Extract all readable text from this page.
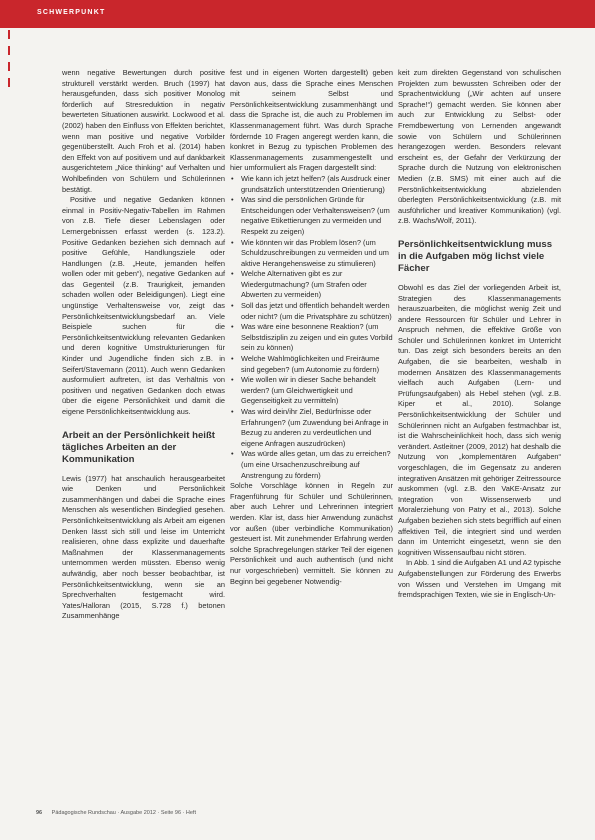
SCHWERPUNKT

wenn negative Bewertungen durch positive strukturell verstärkt werden. Bruch (1997) hat herausgefunden, dass sich positiver Monolog förderlich auf Stresreduktion in negativ bewerteten Situationen auswirkt. Lockwood et al. (2002) haben den Einfluss von Effekten berichtet, wenn man positive und negative Vorbilder gegenüberstellt. Auch Froh et al. (2014) haben den Effekt von auf positivem und auf dankbarkeit ausgerichtetem „Nice thinking“ auf Verhalten und Wohlbefinden von Schülern und Schülerinnen bestätigt.

Positive und negative Gedanken können einmal in Positiv-Negativ-Tabellen im Rahmen von z.B. Tiefe dieser Lebenslagen oder Lernergebnissen erfasst werden (s. 123.2). Positive Gedanken beziehen sich demnach auf positive Gefühle, Handlungsziele oder Handlungen (z.B. „Heute, jemanden helfen wollen oder mit geben“), negative Gedanken auf das Gegenteil (z.B. Traurigkeit, jemanden schaden wollen oder Beleidigungen). Liegt eine ungünstige Verhaltensweise vor, zeigt das Persönlichkeitsentwicklungsbedarf an. Viele Beispiele suchen für die Persönlichkeitsentwicklung relevanten Gedanken und deren kognitive Umstrukturierungen für Kinder und Jugendliche finden sich z.B. in Seifert/Stavemann (2011). Auch wenn Gedanken ausformuliert auftreten, ist das Verhältnis von positiven und negativen Gedanken doch etwas über die eigene Persönlichkeit und damit die eigene Persönlichkeitsentwicklung aus.

Arbeit an der Persönlichkeit heißt tägliches Arbeiten an der Kommunikation

Lewis (1977) hat anschaulich herausgearbeitet wie Denken und Persönlichkeit zusammenhängen und dabei die Sprache eines Menschen als wesentlichen Bindeglied gesehen. Persönlichkeitsentwicklung als Arbeit am eigenen Denken lässt sich still und leise im Unterricht realisieren, ohne dass explizite und dauerhafte Maßnahmen der Klassenmanagements unternommen werden müssten. Ebenso wenig aufwändig, aber noch besser beobachtbar, ist Persönlichkeitsentwicklung, wenn sie an Sprechverhalten festgemacht wird. Yates/Halloran (2015, S.728 f.) betonen Zusammenhänge

fest und in eigenen Worten dargestellt) geben davon aus, dass die Sprache eines Menschen mit seinem Selbst und Persönlichkeitsentwicklung zusammenhängt und dass die Sprache ist, die auch zu Problemen im Klassenmanagement führt. Was durch Sprache fördernde 10 Fragen angeregt werden kann, die konkret in Bezug zu typischen Problemen des Klassenmanagements zusammengestellt und hier umformuliert als Fragen dargestellt sind:

• Wie kann ich jetzt helfen? (als Ausdruck einer grundsätzlich unterstützenden Orientierung)
• Was sind die persönlichen Gründe für Entscheidungen oder Verhaltensweisen? (um negative Etikettierungen zu vermeiden und Respekt zu zeigen)
• Wie könnten wir das Problem lösen? (um Schuldzuschreibungen zu vermeiden und um aktive Herangehensweise zu stimulieren)
• Welche Alternativen gibt es zur Wiedergutmachung? (um Strafen oder Abwerten zu vermeiden)
• Soll das jetzt und öffentlich behandelt werden oder nicht? (um die Privatsphäre zu schützen)
• Was wäre eine besonnene Reaktion? (um Selbstdisziplin zu zeigen und ein gutes Vorbild sein zu können)
• Welche Wahlmöglichkeiten und Freiräume sind gegeben? (um Autonomie zu fördern)
• Wie wollen wir in dieser Sache behandelt werden? (um Gleichwertigkeit und Gegenseitigkeit zu vermitteln)
• Was wird dein/ihr Ziel, Bedürfnisse oder Erfahrungen? (um Zuwendung bei Anfrage in Bezug zu anderen zu verdeutlichen und eigene Anfragen auszudrücken)
• Was würde alles getan, um das zu erreichen? (um eine Ursachenzuschreibung auf Anstrengung zu fördern)

Solche Vorschläge können in Regeln zur Fragenführung für Schüler und Schülerinnen, aber auch Lehrer und Lehrerinnen integriert werden. Klar ist, dass hier Anwendung zunächst vor außen (über verbindliche Kommunikation) gesteuert ist. Mit zunehmender Erfahrung werden solche Sprachregelungen stärker Teil der eigenen Persönlichkeit und auch authentisch (und nicht nur vorgeschrieben) vermittelt. Sie können zu Beginn bei gegebener Notwendig-

keit zum direkten Gegenstand von schulischen Projekten zum bewussten Schreiben oder der Sprachentwicklung („Wir achten auf unsere Sprache!“) gemacht werden. Sie können aber auch zur Entwicklung zu Selbst- oder Fremdbewertung von Lernenden angewandt sowie von Schülern und Schülerinnen herangezogen werden. Besonders relevant erscheint es, der Gefahr der Verkürzung der Sprache durch die Nutzung von elektronischen Medien (z.B. SMS) mit einer auch auf die Persönlichkeitsentwicklung abzielenden überlegten Persönlichkeitsentwicklung (z.B. mit ausführlicher und kreativer Kommunikation) (vgl. z.B. Wachs/Wolf, 2011).

Persönlichkeitsentwicklung muss in die Aufgaben mög lichst viele Fächer

Obwohl es das Ziel der vorliegenden Arbeit ist, Strategien des Klassenmanagements herauszuarbeiten, die möglichst wenig Zeit und andere Ressourcen für Schüler und Lehrer in Anspruch nehmen, die effektive Größe von Schüler und Schülerinnen konkret im Unterricht tun. Das zeigt sich besonders bereits an den Aufgaben, die sie bearbeiten, weshalb in modernen Ansätzen des Klassenmanagements vielfach auch Aufgaben (Lern- und Prüfungsaufgaben) als Hebel stehen (vgl. z.B. Kiper et al., 2010). Solange Persönlichkeitsentwicklung der Schüler und Schülerinnen nicht an Aufgaben festmachbar ist, ist die Wahrscheinlichkeit hoch, dass sich wenig verändert. Astleitner (2009, 2012) hat deshalb die Nutzung von „komplementären Aufgaben“ vorgeschlagen, die im Gegensatz zu anderen integrativen Ansätzen mit gehöriger Zeitressource auskommen (vgl. z.B. den VaKE-Ansatz zur Integration von Wissenserwerb und Moralerziehung von Patry et al., 2013). Solche Aufgaben beziehen sich stets begrifflich auf einen affektiven Teil, die integriert sind und werden dann im Unterricht eingesetzt, wenn sie den kognitiven Wissensaufbau nicht stören.

In Abb. 1 sind die Aufgaben A1 und A2 typische Aufgabenstellungen zur Förderung des Erwerbs von Wissen und Verstehen im Umgang mit fremdsprachigen Texten, wie sie in Englisch-Un-

96 Pädagogische Rundschau · Ausgabe 2012 · Seite 96 · Heft
